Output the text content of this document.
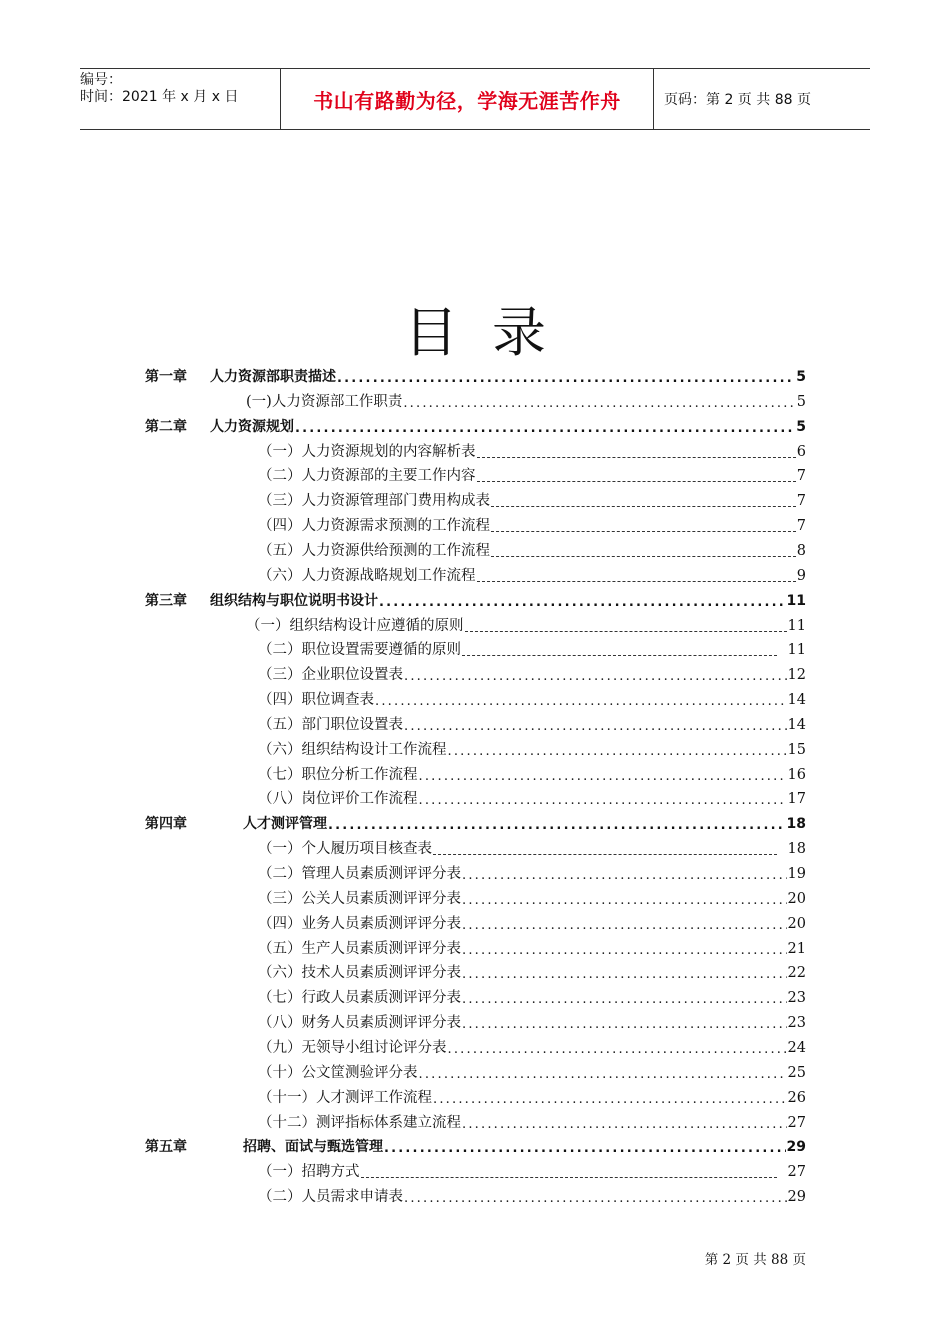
编号：
时间：2021 年 x 月 x 日	书山有路勤为径，学海无涯苦作舟	页码：第 2 页 共 88 页
目录
第一章	人力资源部职责描述 .....	5
(一)人力资源部工作职责 .....	5
第二章	人力资源规划 .....	5
（一）人力资源规划的内容解析表	6
（二）人力资源部的主要工作内容	7
（三）人力资源管理部门费用构成表	7
（四）人力资源需求预测的工作流程	7
（五）人力资源供给预测的工作流程	8
（六）人力资源战略规划工作流程	9
第三章	组织结构与职位说明书设计 .....	11
（一）组织结构设计应遵循的原则	11
（二）职位设置需要遵循的原则	11
（三）企业职位设置表 .....	12
（四）职位调查表 .....	14
（五）部门职位设置表 .....	14
（六）组织结构设计工作流程 .....	15
（七）职位分析工作流程 .....	16
（八）岗位评价工作流程 .....	17
第四章	人才测评管理 .....	18
（一）个人履历项目核查表	18
（二）管理人员素质测评评分表 .....	19
（三）公关人员素质测评评分表 .....	20
（四）业务人员素质测评评分表 .....	20
（五）生产人员素质测评评分表 .....	21
（六）技术人员素质测评评分表 .....	22
（七）行政人员素质测评评分表 .....	23
（八）财务人员素质测评评分表 .....	23
（九）无领导小组讨论评分表 .....	24
（十）公文筐测验评分表 .....	25
（十一）人才测评工作流程 .....	26
（十二）测评指标体系建立流程 .....	27
第五章	招聘、面试与甄选管理 .....	29
（一）招聘方式	27
（二）人员需求申请表 .....	29
第 2 页 共 88 页
